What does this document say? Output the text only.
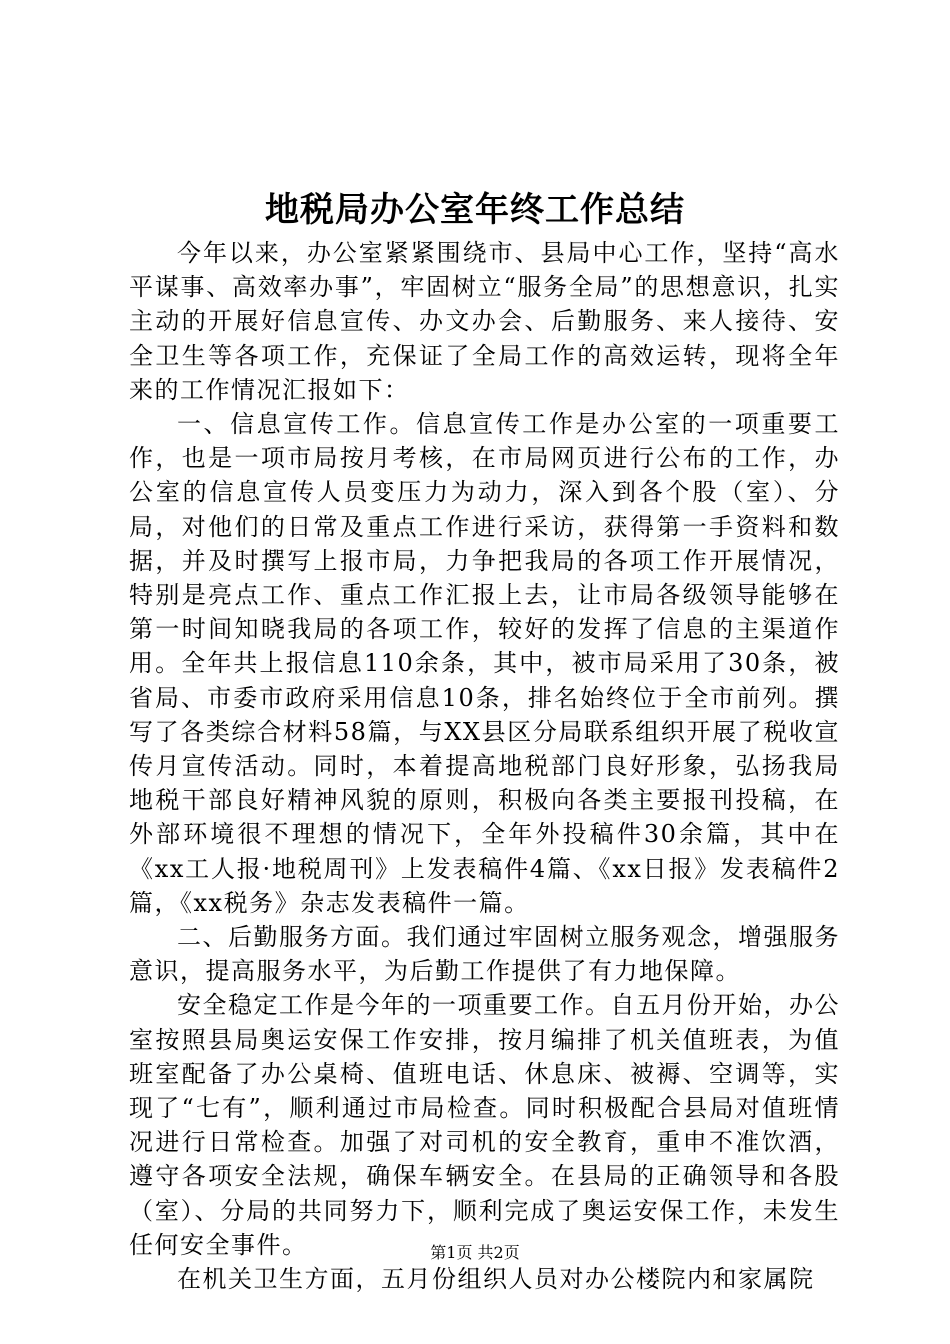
地税局办公室年终工作总结

今年以来，办公室紧紧围绕市、县局中心工作，坚持“高水平谋事、高效率办事”，牢固树立“服务全局”的思想意识，扎实主动的开展好信息宣传、办文办会、后勤服务、来人接待、安全卫生等各项工作，充保证了全局工作的高效运转，现将全年来的工作情况汇报如下：

一、信息宣传工作。信息宣传工作是办公室的一项重要工作，也是一项市局按月考核，在市局网页进行公布的工作，办公室的信息宣传人员变压力为动力，深入到各个股（室）、分局，对他们的日常及重点工作进行采访，获得第一手资料和数据，并及时撰写上报市局，力争把我局的各项工作开展情况，特别是亮点工作、重点工作汇报上去，让市局各级领导能够在第一时间知晓我局的各项工作，较好的发挥了信息的主渠道作用。全年共上报信息110余条，其中，被市局采用了30条，被省局、市委市政府采用信息10条，排名始终位于全市前列。撰写了各类综合材料58篇，与XX县区分局联系组织开展了税收宣传月宣传活动。同时，本着提高地税部门良好形象，弘扬我局地税干部良好精神风貌的原则，积极向各类主要报刊投稿，在外部环境很不理想的情况下，全年外投稿件30余篇，其中在《xx工人报·地税周刊》上发表稿件4篇、《xx日报》发表稿件2篇，《xx税务》杂志发表稿件一篇。

二、后勤服务方面。我们通过牢固树立服务观念，增强服务意识，提高服务水平，为后勤工作提供了有力地保障。

安全稳定工作是今年的一项重要工作。自五月份开始，办公室按照县局奥运安保工作安排，按月编排了机关值班表，为值班室配备了办公桌椅、值班电话、休息床、被褥、空调等，实现了“七有”，顺利通过市局检查。同时积极配合县局对值班情况进行日常检查。加强了对司机的安全教育，重申不准饮酒，遵守各项安全法规，确保车辆安全。在县局的正确领导和各股（室）、分局的共同努力下，顺利完成了奥运安保工作，未发生任何安全事件。

在机关卫生方面，五月份组织人员对办公楼院内和家属院

第1页 共2页
